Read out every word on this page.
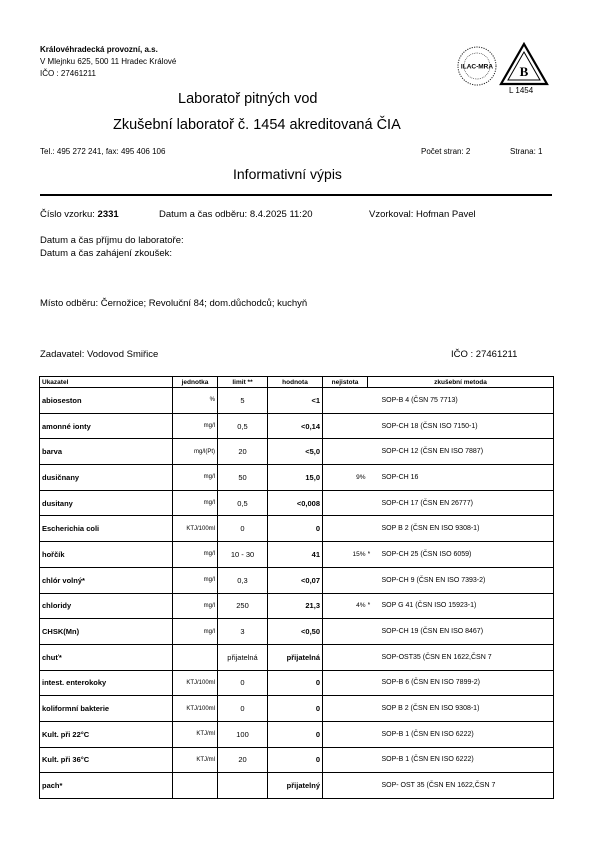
Královéhradecká provozní, a.s.
V Mlejnku 625, 500 11 Hradec Králové
IČO : 27461211
ILAC-MRA B
L 1454
Laboratoř pitných vod
Zkušební laboratoř č. 1454 akreditovaná ČIA
Tel.: 495 272 241, fax: 495 406 106	Počet stran: 2	Strana: 1
Informativní výpis
Číslo vzorku: 2331	Datum a čas odběru: 8.4.2025 11:20	Vzorkoval: Hofman Pavel
Datum a čas příjmu do laboratoře:
Datum a čas zahájení zkoušek:
Místo odběru: Černožice; Revoluční 84; dom.důchodců; kuchyň
Zadavatel: Vodovod Smiřice	IČO : 27461211
Ukazatel	jednotka	limit **	hodnota	nejistota	zkušební metoda	
abioseston	%	5	<1			SOP-B 4 (ČSN 75 7713)
amonné ionty	mg/l	0,5	<0,14			SOP-CH 18 (ČSN ISO 7150-1)
barva	mg/l(Pt)	20	<5,0			SOP-CH 12 (ČSN EN ISO 7887)
dusičnany	mg/l	50	15,0	9%		SOP-CH 16
dusitany	mg/l	0,5	<0,008			SOP-CH 17 (ČSN EN 26777)
Escherichia coli	KTJ/100ml	0	0			SOP B 2 (ČSN EN ISO 9308-1)
hořčík	mg/l	10 - 30	41	15%	*	SOP-CH 25 (ČSN ISO 6059)
chlór volný*	mg/l	0,3	<0,07			SOP-CH 9 (ČSN EN ISO 7393-2)
chloridy	mg/l	250	21,3	4%	*	SOP G 41 (ČSN ISO 15923-1)
CHSK(Mn)	mg/l	3	<0,50			SOP-CH 19 (ČSN EN ISO 8467)
chuť*		přijatelná	přijatelná			SOP-OST35 (ČSN EN 1622,ČSN 7
intest. enterokoky	KTJ/100ml	0	0			SOP-B 6 (ČSN EN ISO 7899-2)
koliformní bakterie	KTJ/100ml	0	0			SOP B 2 (ČSN EN ISO 9308-1)
Kult. při 22°C	KTJ/ml	100	0			SOP-B 1 (ČSN EN ISO 6222)
Kult. při 36°C	KTJ/ml	20	0			SOP-B 1 (ČSN EN ISO 6222)
pach*			přijatelný			SOP- OST 35 (ČSN EN 1622,ČSN 7
